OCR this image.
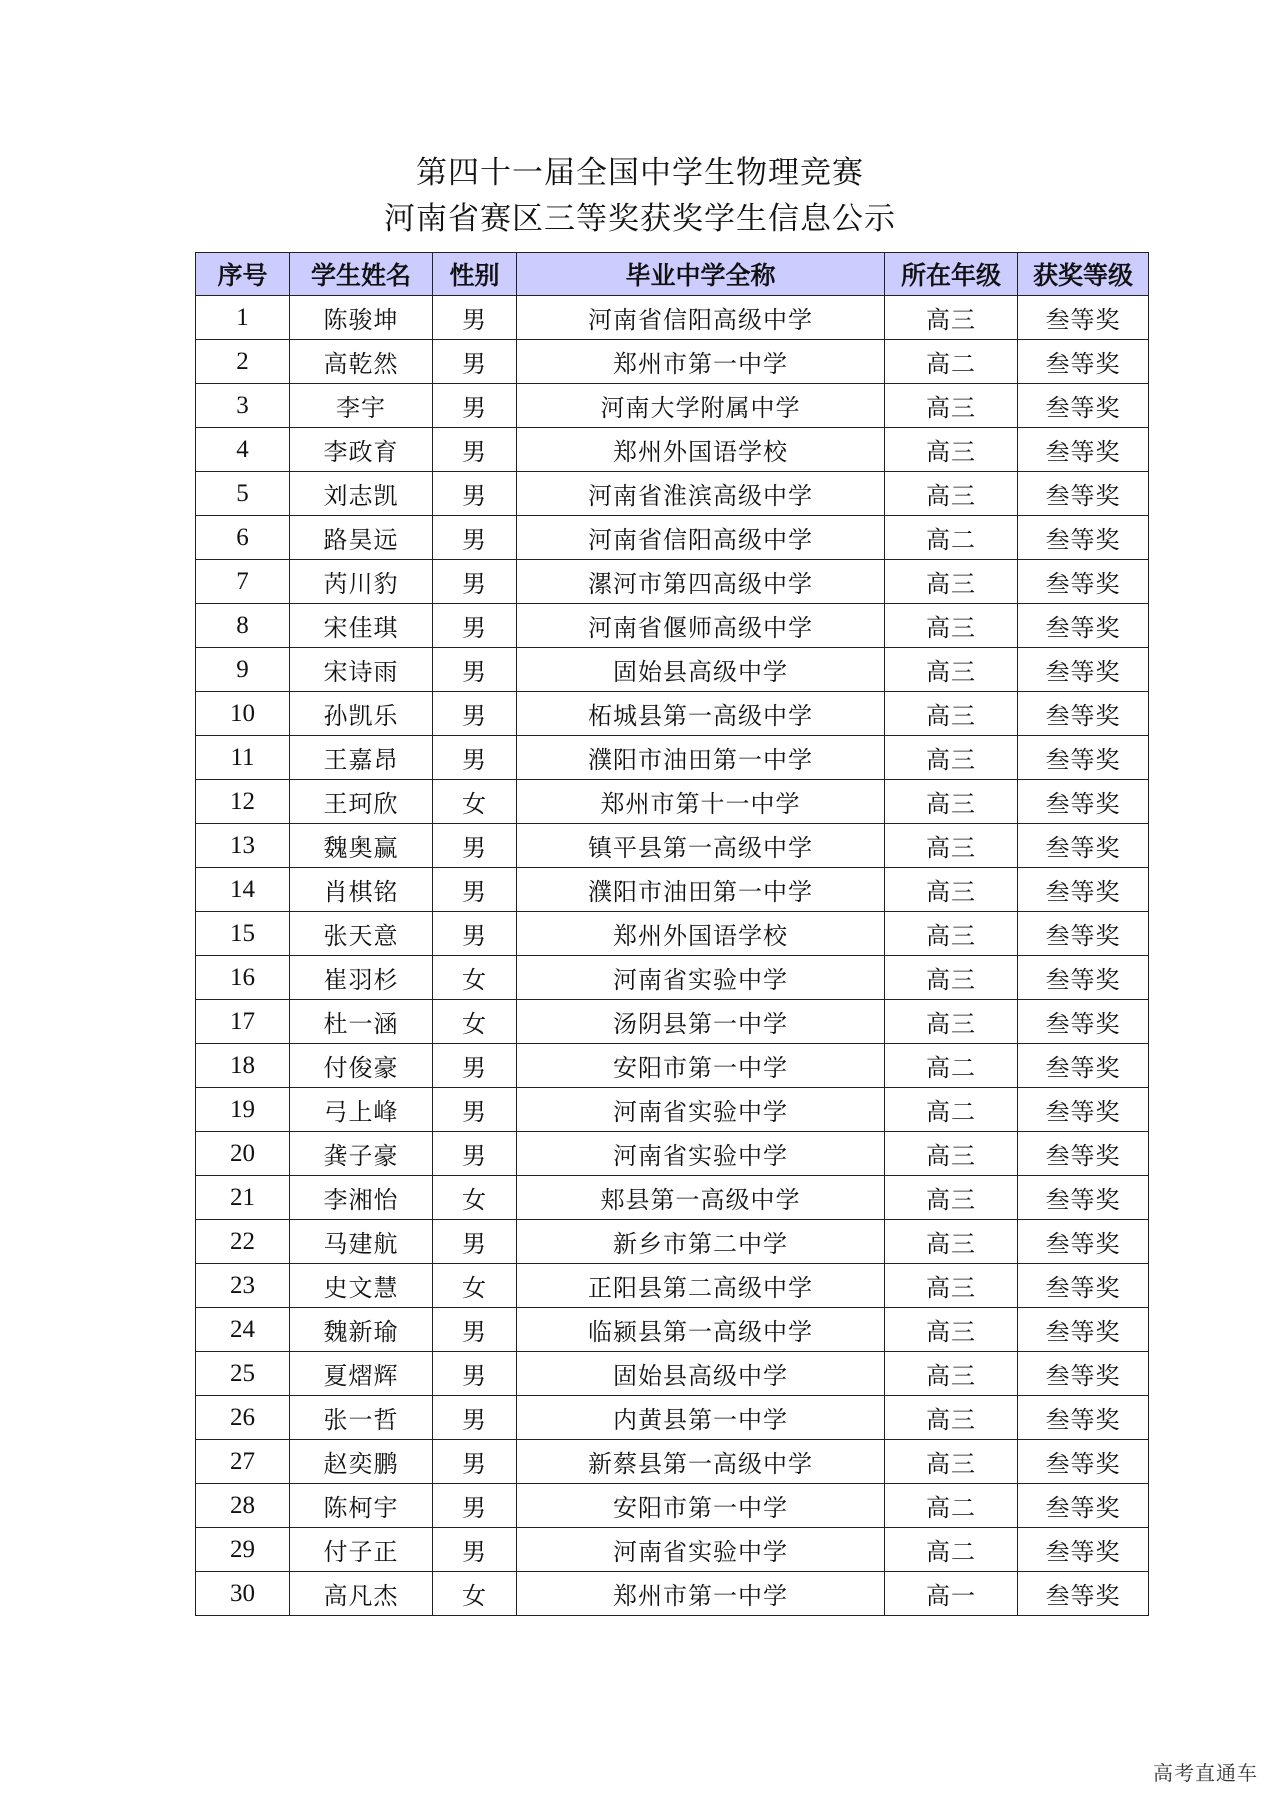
第四十一届全国中学生物理竞赛
河南省赛区三等奖获奖学生信息公示
序号	学生姓名	性别	毕业中学全称	所在年级	获奖等级
1	陈骏坤	男	河南省信阳高级中学	高三	叁等奖
2	高乾然	男	郑州市第一中学	高二	叁等奖
3	李宇	男	河南大学附属中学	高三	叁等奖
4	李政育	男	郑州外国语学校	高三	叁等奖
5	刘志凯	男	河南省淮滨高级中学	高三	叁等奖
6	路昊远	男	河南省信阳高级中学	高二	叁等奖
7	芮川豹	男	漯河市第四高级中学	高三	叁等奖
8	宋佳琪	男	河南省偃师高级中学	高三	叁等奖
9	宋诗雨	男	固始县高级中学	高三	叁等奖
10	孙凯乐	男	柘城县第一高级中学	高三	叁等奖
11	王嘉昂	男	濮阳市油田第一中学	高三	叁等奖
12	王珂欣	女	郑州市第十一中学	高三	叁等奖
13	魏奥赢	男	镇平县第一高级中学	高三	叁等奖
14	肖棋铭	男	濮阳市油田第一中学	高三	叁等奖
15	张天意	男	郑州外国语学校	高三	叁等奖
16	崔羽杉	女	河南省实验中学	高三	叁等奖
17	杜一涵	女	汤阴县第一中学	高三	叁等奖
18	付俊豪	男	安阳市第一中学	高二	叁等奖
19	弓上峰	男	河南省实验中学	高二	叁等奖
20	龚子豪	男	河南省实验中学	高三	叁等奖
21	李湘怡	女	郏县第一高级中学	高三	叁等奖
22	马建航	男	新乡市第二中学	高三	叁等奖
23	史文慧	女	正阳县第二高级中学	高三	叁等奖
24	魏新瑜	男	临颍县第一高级中学	高三	叁等奖
25	夏熠辉	男	固始县高级中学	高三	叁等奖
26	张一哲	男	内黄县第一中学	高三	叁等奖
27	赵奕鹏	男	新蔡县第一高级中学	高三	叁等奖
28	陈柯宇	男	安阳市第一中学	高二	叁等奖
29	付子正	男	河南省实验中学	高二	叁等奖
30	高凡杰	女	郑州市第一中学	高一	叁等奖
高考直通车
